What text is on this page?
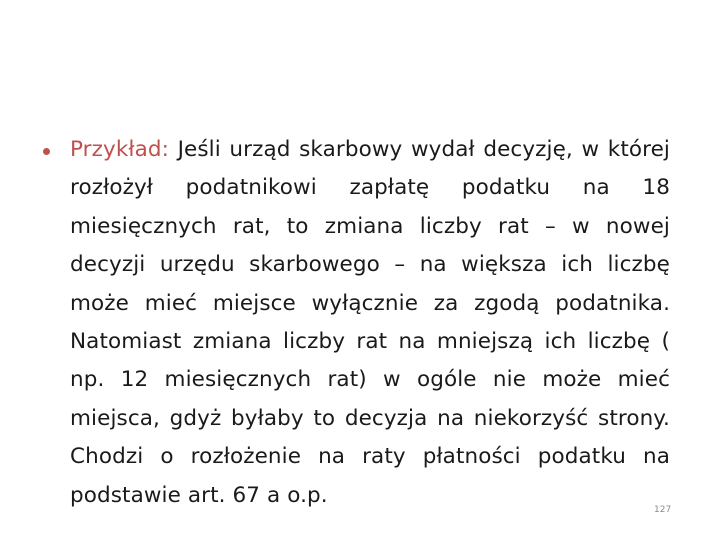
Przykład: Jeśli urząd skarbowy wydał decyzję, w której rozłożył podatnikowi zapłatę podatku na 18 miesięcznych rat, to zmiana liczby rat – w nowej decyzji urzędu skarbowego – na większa ich liczbę może mieć miejsce wyłącznie za zgodą podatnika. Natomiast zmiana liczby rat na mniejszą ich liczbę ( np. 12 miesięcznych rat) w ogóle nie może mieć miejsca, gdyż byłaby to decyzja na niekorzyść strony. Chodzi o rozłożenie na raty płatności podatku na podstawie art. 67 a o.p.

127
